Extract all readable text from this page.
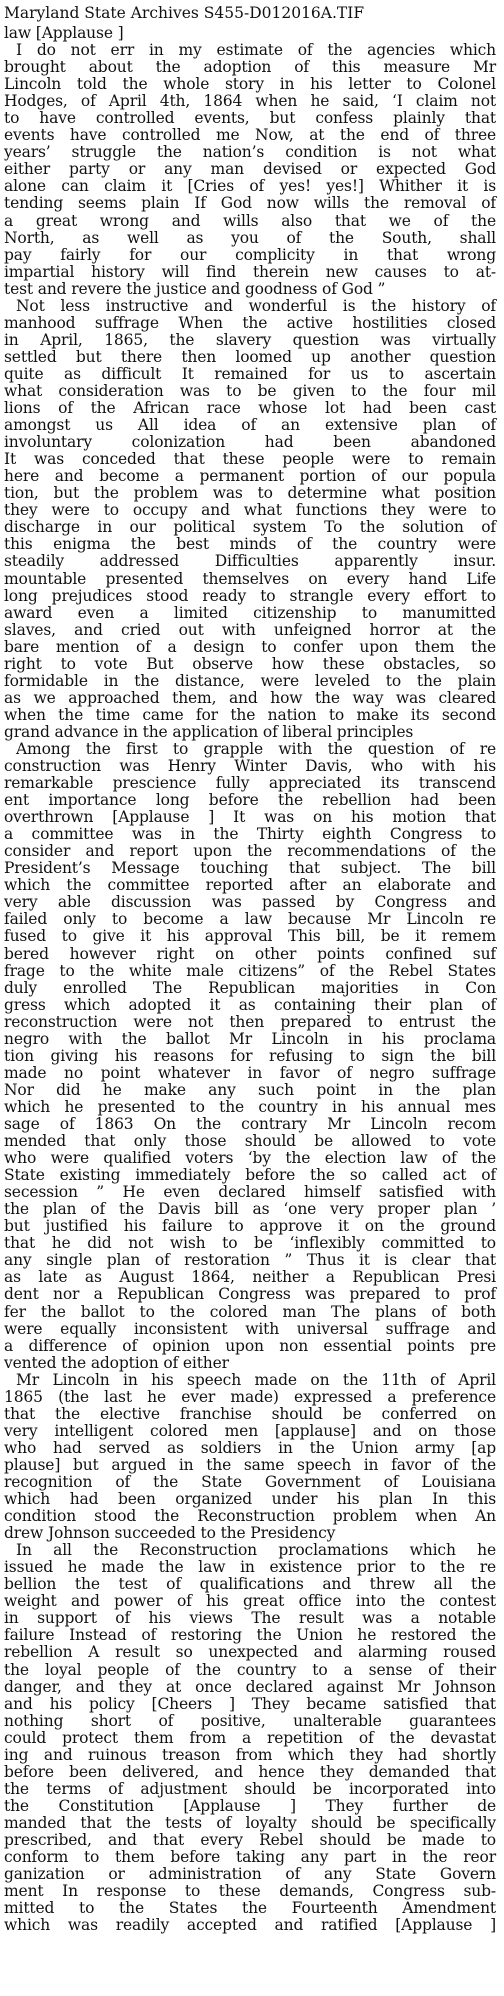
Maryland State Archives S455-D012016A.TIF
law [Applause ]
I do not err in my estimate of the agencies which
brought about the adoption of this measure Mr
Lincoln told the whole story in his letter to Colonel
Hodges, of April 4th, 1864 when he said, ‘I claim not
to have controlled events, but confess plainly that
events have controlled me Now, at the end of three
years’ struggle the nation’s condition is not what
either party or any man devised or expected God
alone can claim it [Cries of yes! yes!] Whither it is
tending seems plain If God now wills the removal of
a great wrong and wills also that we of the
North, as well as you of the South, shall
pay fairly for our complicity in that wrong
impartial history will find therein new causes to at-
test and revere the justice and goodness of God ”
Not less instructive and wonderful is the history of
manhood suffrage When the active hostilities closed
in April, 1865, the slavery question was virtually
settled but there then loomed up another question
quite as difficult It remained for us to ascertain
what consideration was to be given to the four mil
lions of the African race whose lot had been cast
amongst us All idea of an extensive plan of
involuntary colonization had been abandoned
It was conceded that these people were to remain
here and become a permanent portion of our popula
tion, but the problem was to determine what position
they were to occupy and what functions they were to
discharge in our political system To the solution of
this enigma the best minds of the country were
steadily addressed Difficulties apparently insur.
mountable presented themselves on every hand Life
long prejudices stood ready to strangle every effort to
award even a limited citizenship to manumitted
slaves, and cried out with unfeigned horror at the
bare mention of a design to confer upon them the
right to vote But observe how these obstacles, so
formidable in the distance, were leveled to the plain
as we approached them, and how the way was cleared
when the time came for the nation to make its second
grand advance in the application of liberal principles
Among the first to grapple with the question of re
construction was Henry Winter Davis, who with his
remarkable prescience fully appreciated its transcend
ent importance long before the rebellion had been
overthrown [Applause ] It was on his motion that
a committee was in the Thirty eighth Congress to
consider and report upon the recommendations of the
President’s Message touching that subject. The bill
which the committee reported after an elaborate and
very able discussion was passed by Congress and
failed only to become a law because Mr Lincoln re
fused to give it his approval This bill, be it remem
bered however right on other points confined suf
frage to the white male citizens” of the Rebel States
duly enrolled The Republican majorities in Con
gress which adopted it as containing their plan of
reconstruction were not then prepared to entrust the
negro with the ballot Mr Lincoln in his proclama
tion giving his reasons for refusing to sign the bill
made no point whatever in favor of negro suffrage
Nor did he make any such point in the plan
which he presented to the country in his annual mes
sage of 1863 On the contrary Mr Lincoln recom
mended that only those should be allowed to vote
who were qualified voters ‘by the election law of the
State existing immediately before the so called act of
secession ” He even declared himself satisfied with
the plan of the Davis bill as ‘one very proper plan ’
but justified his failure to approve it on the ground
that he did not wish to be ‘inflexibly committed to
any single plan of restoration ” Thus it is clear that
as late as August 1864, neither a Republican Presi
dent nor a Republican Congress was prepared to prof
fer the ballot to the colored man The plans of both
were equally inconsistent with universal suffrage and
a difference of opinion upon non essential points pre
vented the adoption of either
Mr Lincoln in his speech made on the 11th of April
1865 (the last he ever made) expressed a preference
that the elective franchise should be conferred on
very intelligent colored men [applause] and on those
who had served as soldiers in the Union army [ap
plause] but argued in the same speech in favor of the
recognition of the State Government of Louisiana
which had been organized under his plan In this
condition stood the Reconstruction problem when An
drew Johnson succeeded to the Presidency
In all the Reconstruction proclamations which he
issued he made the law in existence prior to the re
bellion the test of qualifications and threw all the
weight and power of his great office into the contest
in support of his views The result was a notable
failure Instead of restoring the Union he restored the
rebellion A result so unexpected and alarming roused
the loyal people of the country to a sense of their
danger, and they at once declared against Mr Johnson
and his policy [Cheers ] They became satisfied that
nothing short of positive, unalterable guarantees
could protect them from a repetition of the devastat
ing and ruinous treason from which they had shortly
before been delivered, and hence they demanded that
the terms of adjustment should be incorporated into
the Constitution [Applause ] They further de
manded that the tests of loyalty should be specifically
prescribed, and that every Rebel should be made to
conform to them before taking any part in the reor
ganization or administration of any State Govern
ment In response to these demands, Congress sub-
mitted to the States the Fourteenth Amendment
which was readily accepted and ratified [Applause ]
